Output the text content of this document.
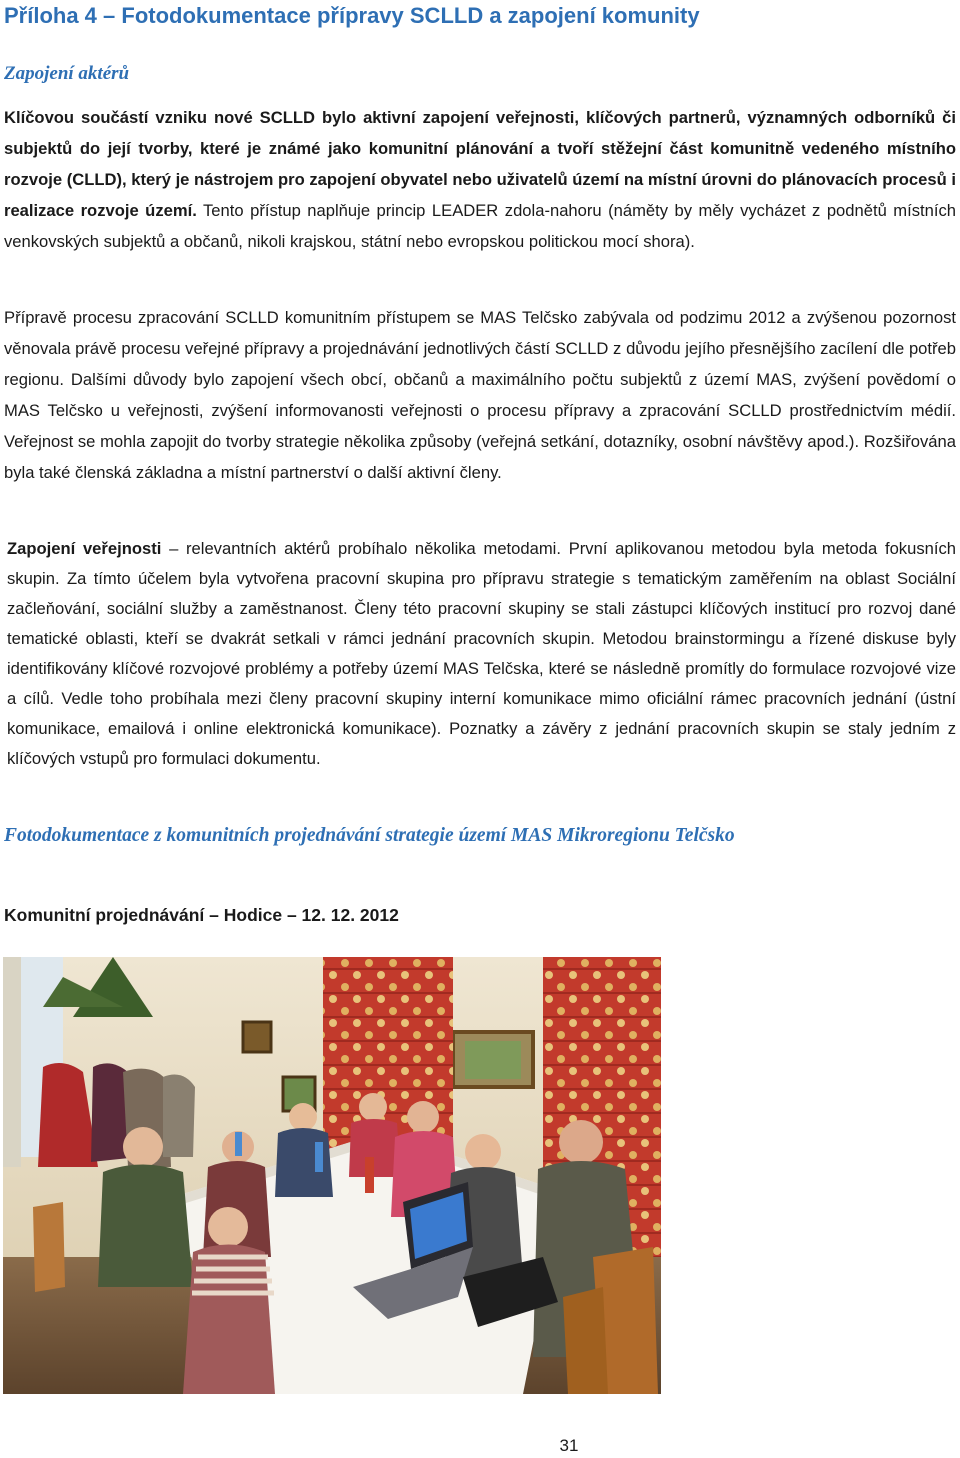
Příloha 4 – Fotodokumentace přípravy SCLLD a zapojení komunity
Zapojení aktérů
Klíčovou součástí vzniku nové SCLLD bylo aktivní zapojení veřejnosti, klíčových partnerů, významných odborníků či subjektů do její tvorby, které je známé jako komunitní plánování a tvoří stěžejní část komunitně vedeného místního rozvoje (CLLD), který je nástrojem pro zapojení obyvatel nebo uživatelů území na místní úrovni do plánovacích procesů i realizace rozvoje území. Tento přístup naplňuje princip LEADER zdola-nahoru (náměty by měly vycházet z podnětů místních venkovských subjektů a občanů, nikoli krajskou, státní nebo evropskou politickou mocí shora).
Přípravě procesu zpracování SCLLD komunitním přístupem se MAS Telčsko zabývala od podzimu 2012 a zvýšenou pozornost věnovala právě procesu veřejné přípravy a projednávání jednotlivých částí SCLLD z důvodu jejího přesnějšího zacílení dle potřeb regionu. Dalšími důvody bylo zapojení všech obcí, občanů a maximálního počtu subjektů z území MAS, zvýšení povědomí o MAS Telčsko u veřejnosti, zvýšení informovanosti veřejnosti o procesu přípravy a zpracování SCLLD prostřednictvím médií. Veřejnost se mohla zapojit do tvorby strategie několika způsoby (veřejná setkání, dotazníky, osobní návštěvy apod.). Rozšiřována byla také členská základna a místní partnerství o další aktivní členy.
Zapojení veřejnosti – relevantních aktérů probíhalo několika metodami. První aplikovanou metodou byla metoda fokusních skupin. Za tímto účelem byla vytvořena pracovní skupina pro přípravu strategie s tematickým zaměřením na oblast Sociální začleňování, sociální služby a zaměstnanost. Členy této pracovní skupiny se stali zástupci klíčových institucí pro rozvoj dané tematické oblasti, kteří se dvakrát setkali v rámci jednání pracovních skupin. Metodou brainstormingu a řízené diskuse byly identifikovány klíčové rozvojové problémy a potřeby území MAS Telčska, které se následně promítly do formulace rozvojové vize a cílů. Vedle toho probíhala mezi členy pracovní skupiny interní komunikace mimo oficiální rámec pracovních jednání (ústní komunikace, emailová i online elektronická komunikace). Poznatky a závěry z jednání pracovních skupin se staly jedním z klíčových vstupů pro formulaci dokumentu.
Fotodokumentace z komunitních projednávání strategie území MAS Mikroregionu Telčsko
Komunitní projednávání – Hodice – 12. 12. 2012
31
